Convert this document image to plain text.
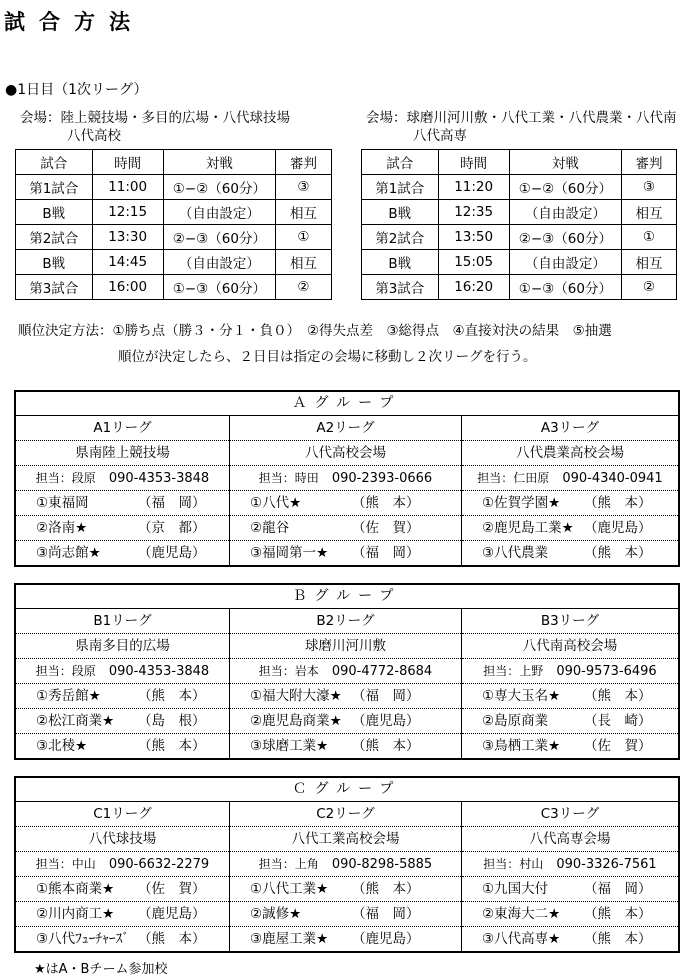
試合方法
●1日目（1次リーグ）
会場：陸上競技場・多目的広場・八代球技場
八代高校
会場：球磨川河川敷・八代工業・八代農業・八代南
八代高専
試合	時間	対戦	審判
第1試合	11:00	①−②（60分）	③
B戦	12:15	（自由設定）	相互
第2試合	13:30	②−③（60分）	①
B戦	14:45	（自由設定）	相互
第3試合	16:00	①−③（60分）	②
試合	時間	対戦	審判
第1試合	11:20	①−②（60分）	③
B戦	12:35	（自由設定）	相互
第2試合	13:50	②−③（60分）	①
B戦	15:05	（自由設定）	相互
第3試合	16:20	①−③（60分）	②
順位決定方法：①勝ち点（勝３・分１・負０）　②得失点差　③総得点　④直接対決の結果　⑤抽選
順位が決定したら、２日目は指定の会場に移動し２次リーグを行う。
Ａグループ
A1リーグ
県南陸上競技場
担当：段原　 090-4353-3848
①東福岡	（福　岡）
②洛南★	（京　都）
③尚志館★	（鹿児島）
A2リーグ
八代高校会場
担当：時田　 090-2393-0666
①八代★	（熊　本）
②龍谷	（佐　賀）
③福岡第一★ （福　岡）
A3リーグ
八代農業高校会場
担当：仁田原　 090-4340-0941
①佐賀学園★ （熊　本）
②鹿児島工業★ （鹿児島）
③八代農業	（熊　本）
Ｂグループ
B1リーグ
県南多目的広場
担当：段原　 090-4353-3848
①秀岳館★	（熊　本）
②松江商業★ （島　根）
③北稜★	（熊　本）
B2リーグ
球磨川河川敷
担当：岩本　 090-4772-8684
①福大附大濠★ （福　岡）
②鹿児島商業★ （鹿児島）
③球磨工業★ （熊　本）
B3リーグ
八代南高校会場
担当：上野　 090-9573-6496
①専大玉名★ （熊　本）
②島原商業	（長　崎）
③鳥栖工業★ （佐　賀）
Ｃグループ
C1リーグ
八代球技場
担当：中山　 090-6632-2279
①熊本商業★ （佐　賀）
②川内商工★ （鹿児島）
③八代ﾌｭｰﾁｬｰｽﾞ （熊　本）
C2リーグ
八代工業高校会場
担当：上角　 090-8298-5885
①八代工業★ （熊　本）
②誠修★	（福　岡）
③鹿屋工業★ （鹿児島）
C3リーグ
八代高専会場
担当：村山　 090-3326-7561
①九国大付	（福　岡）
②東海大二★ （熊　本）
③八代高専★ （熊　本）
★はA・Bチーム参加校
